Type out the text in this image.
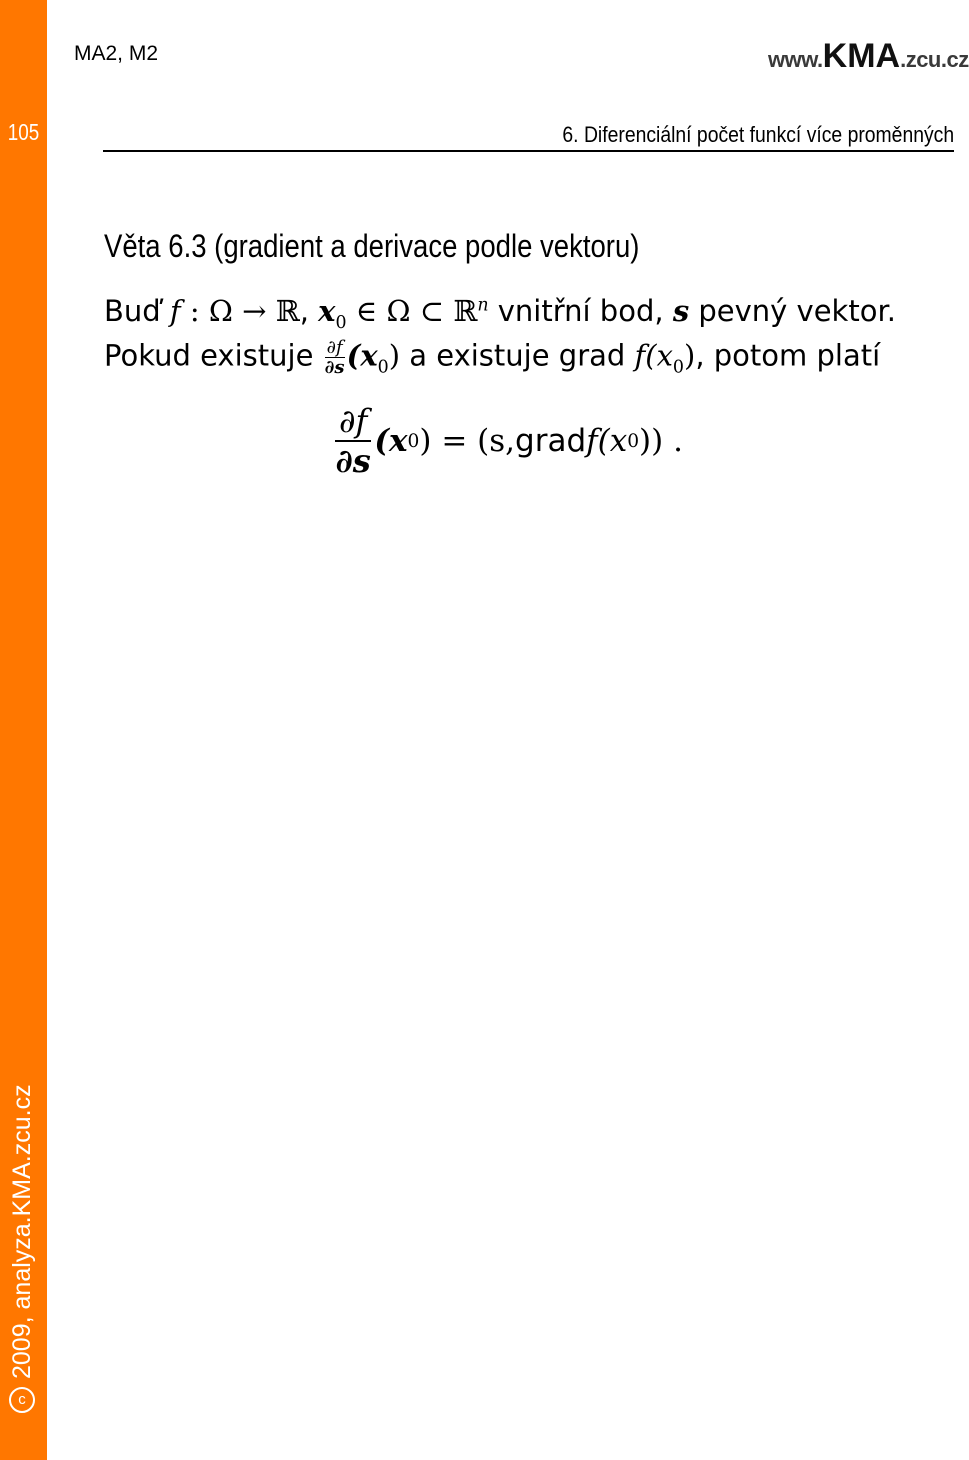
105
c
2009, analyza.KMA.zcu.cz
MA2, M2	www.KMA.zcu.cz
6. Diferenciální počet funkcí více proměnných
Věta 6.3 (gradient a derivace podle vektoru)
Buď f : Ω → ℝ, $x_0$ ∈ Ω ⊂ ℝ$^n$ vnitřní bod, s pevný vektor.
Pokud existuje $\frac{\partial f}{\partial s} (x_0)$ a existuje grad $f(x_0)$, potom platí
$\frac{\partial f}{\partial s} (x$ 0 ) = (s, grad f(x 0 )) .
